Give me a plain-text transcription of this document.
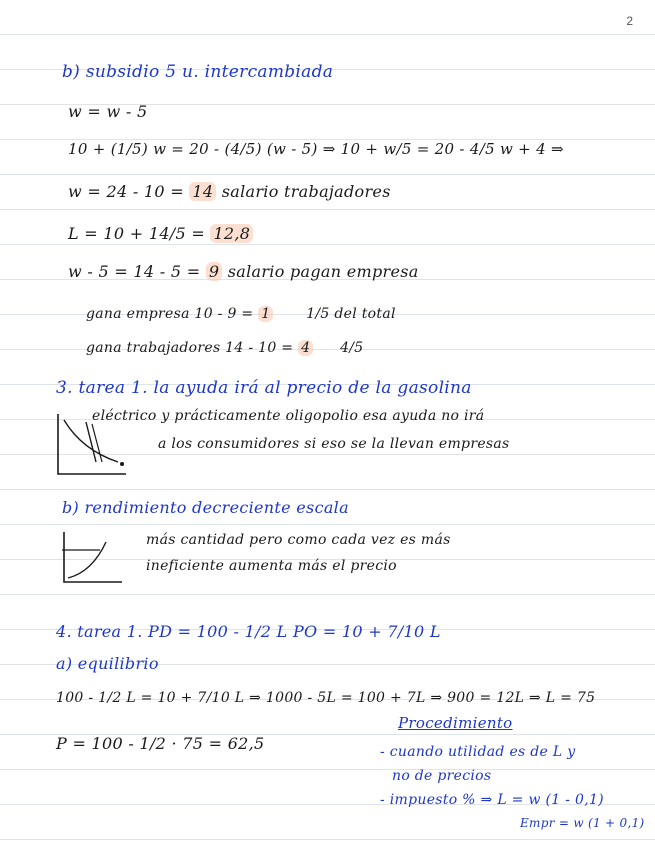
2
b) subsidio 5 u. intercambiada
w = w - 5
10 + (1/5) w = 20 - (4/5) (w - 5) ⇒ 10 + w/5 = 20 - 4/5 w + 4 ⇒
w = 24 - 10 = 14 salario trabajadores
L = 10 + 14/5 = 12,8
w - 5 = 14 - 5 = 9 salario pagan empresa
gana empresa 10 - 9 = 1	1/5 del total
gana trabajadores 14 - 10 = 4 4/5
3. tarea 1. la ayuda irá al precio de la gasolina
eléctrico y prácticamente oligopolio esa ayuda no irá
a los consumidores si eso se la llevan empresas
b) rendimiento decreciente escala
más cantidad pero como cada vez es más
ineficiente aumenta más el precio
4. tarea 1. PD = 100 - 1/2 L PO = 10 + 7/10 L
a) equilibrio
100 - 1/2 L = 10 + 7/10 L ⇒ 1000 - 5L = 100 + 7L ⇒ 900 = 12L ⇒ L = 75
P = 100 - 1/2 · 75 = 62,5
Procedimiento
- cuando utilidad es de L y
no de precios
- impuesto % ⇒ L = w (1 - 0,1)
Empr = w (1 + 0,1)
